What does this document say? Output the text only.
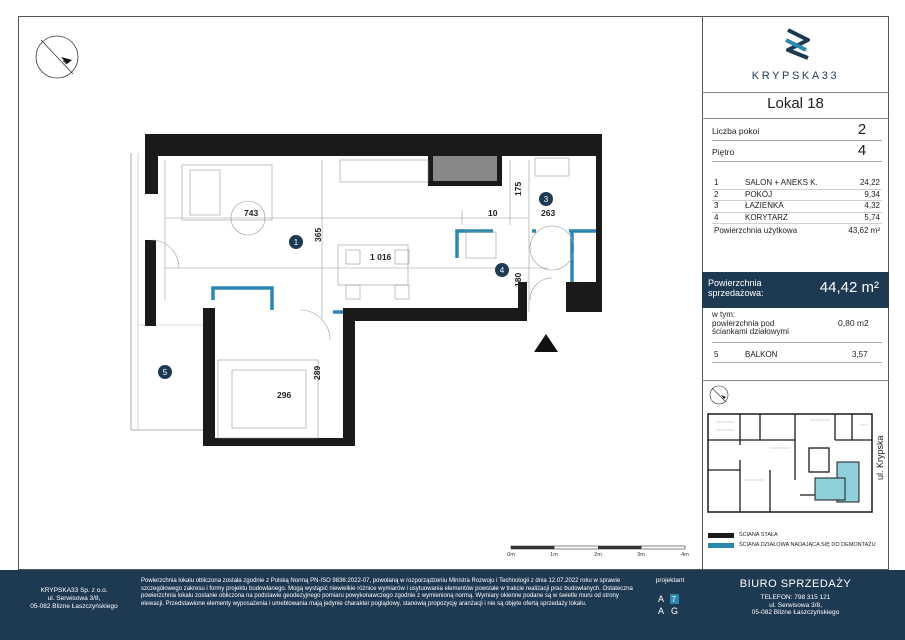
N
743
365
1 016
175
263
10
180
289
296
1
3
4
5
0m	1m	2m	3m	4m
ul. Krypska
KRYPSKA33
Lokal 18
Liczba pokoi	2
Piętro	4
1	SALON + ANEKS K.	24,22
2	POKÓJ	9,34
3	ŁAZIENKA	4,32
4	KORYTARZ	5,74
Powierzchnia użytkowa	43,62 m²
Powierzchnia
sprzedażowa:	44,42 m²
w tym:
powierzchnia pod
ściankami działowymi
0,80 m2
5	BALKON	3,57
ŚCIANA STAŁA
ŚCIANA DZIAŁOWA NADAJĄCA SIĘ DO DEMONTAŻU
KRYPSKA33 Sp. z o.o.
ul. Serwisowa 3/8,
05-082 Blizne Łaszczyńskiego
Powierzchnia lokalu obliczona została zgodnie z Polską Normą PN-ISO 9836:2022-07, powołaną w rozporządzeniu Ministra Rozwoju i Technologii z dnia 12.07.2022 roku w sprawie szczegółowego zakresu i formy projektu budowlanego. Mogą wystąpić niewielkie różnice wymiarów i usytuowania elementów powstałe w trakcie realizacji prac budowlanych. Ostateczna powierzchnia lokalu zostanie obliczona na podstawie geodezyjnego pomiaru powykonawczego zgodnie z wymienioną normą. Wymiary okienne podane są w świetle muru od strony elewacji. Przedstawione elementy wyposażenia i umeblowania mają jedynie charakter poglądowy, stanowią propozycję aranżacji i nie są objęte ofertą sprzedaży lokalu.
projektant
A 7
A G
BIURO SPRZEDAŻY
TELEFON: 798 315 121
ul. Serwisowa 3/8,
05-082 Blizne Łaszczyńskiego
